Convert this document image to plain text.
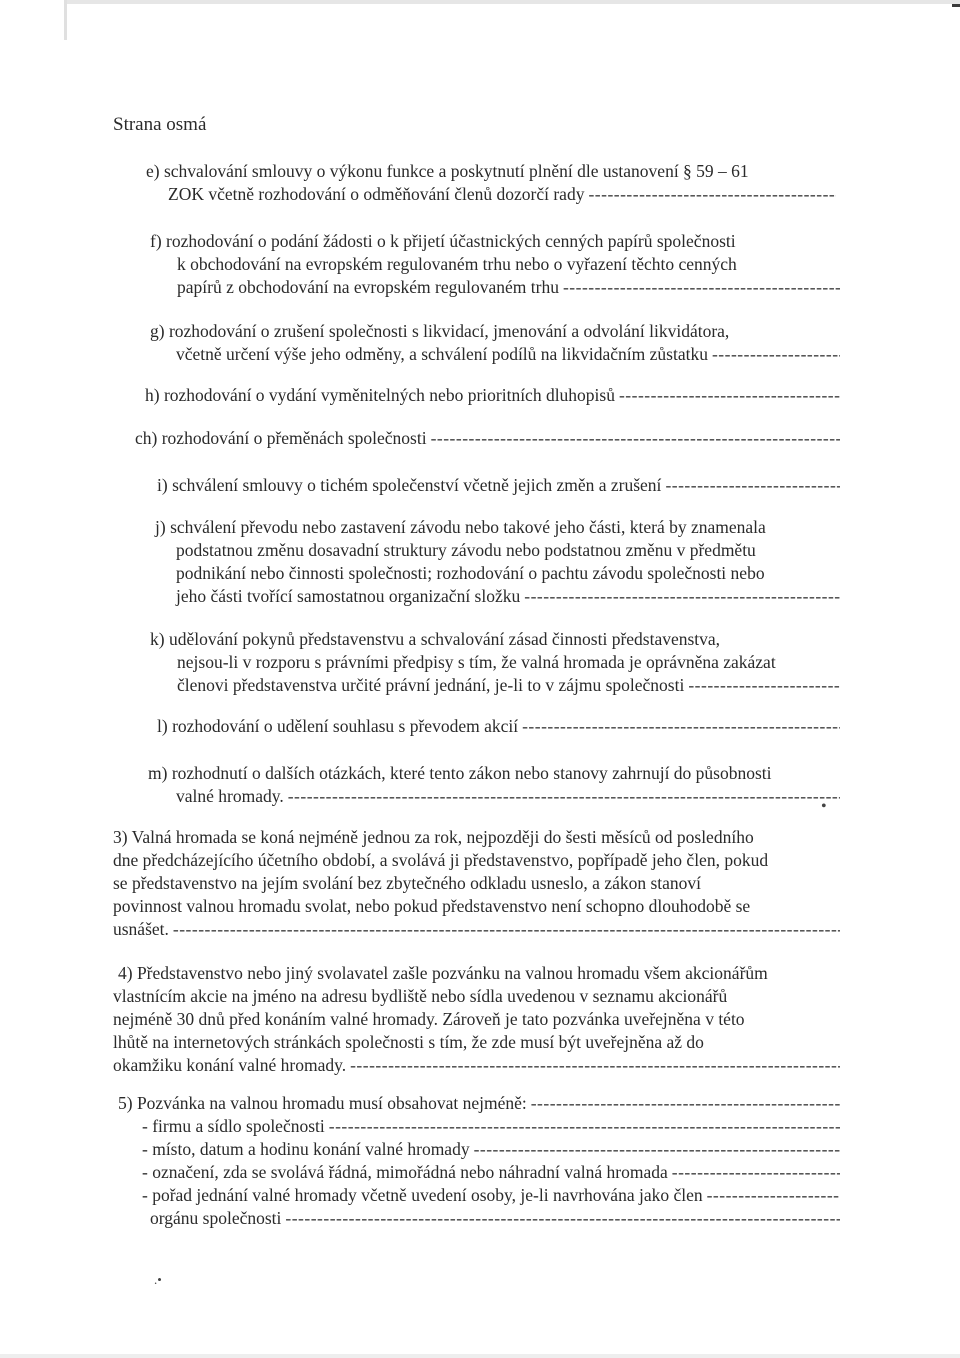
Strana osmá
e) schvalování smlouvy o výkonu funkce a poskytnutí plnění dle ustanovení § 59 – 61
ZOK včetně rozhodování o odměňování členů dozorčí rady
-----
f) rozhodování o podání žádosti o k přijetí účastnických cenných papírů společnosti
k obchodování na evropském regulovaném trhu nebo o vyřazení těchto cenných
papírů z obchodování na evropském regulovaném trhu
-----
g) rozhodování o zrušení společnosti s likvidací, jmenování a odvolání likvidátora,
včetně určení výše jeho odměny, a schválení podílů na likvidačním zůstatku
-----
h) rozhodování o vydání vyměnitelných nebo prioritních dluhopisů
-----
ch) rozhodování o přeměnách společnosti
-----
i) schválení smlouvy o tichém společenství včetně jejich změn a zrušení
-----
j) schválení převodu nebo zastavení závodu nebo takové jeho části, která by znamenala
podstatnou změnu dosavadní struktury závodu nebo podstatnou změnu v předmětu
podnikání nebo činnosti společnosti; rozhodování o pachtu závodu společnosti nebo
jeho části tvořící samostatnou organizační složku
-----
k) udělování pokynů představenstvu a schvalování zásad činnosti představenstva,
nejsou-li v rozporu s právními předpisy s tím, že valná hromada je oprávněna zakázat
členovi představenstva určité právní jednání, je-li to v zájmu společnosti
-----
l) rozhodování o udělení souhlasu s převodem akcií
-----
m) rozhodnutí o dalších otázkách, které tento zákon nebo stanovy zahrnují do působnosti
valné hromady.
-----
•
3) Valná hromada se koná nejméně jednou za rok, nejpozději do šesti měsíců od posledního
dne předcházejícího účetního období, a svolává ji představenstvo, popřípadě jeho člen, pokud
se představenstvo na jejím svolání bez zbytečného odkladu usneslo, a zákon stanoví
povinnost valnou hromadu svolat, nebo pokud představenstvo není schopno dlouhodobě se
usnášet.
-----
4) Představenstvo nebo jiný svolavatel zašle pozvánku na valnou hromadu všem akcionářům
vlastnícím akcie na jméno na adresu bydliště nebo sídla uvedenou v seznamu akcionářů
nejméně 30 dnů před konáním valné hromady. Zároveň je tato pozvánka uveřejněna v této
lhůtě na internetových stránkách společnosti s tím, že zde musí být uveřejněna až do
okamžiku konání valné hromady.
-----
5) Pozvánka na valnou hromadu musí obsahovat nejméně:
-----
- firmu a sídlo společnosti
-----
- místo, datum a hodinu konání valné hromady
-----
- označení, zda se svolává řádná, mimořádná nebo náhradní valná hromada
-----
- pořad jednání valné hromady včetně uvedení osoby, je-li navrhována jako člen
-----
orgánu společnosti
-----
.•
